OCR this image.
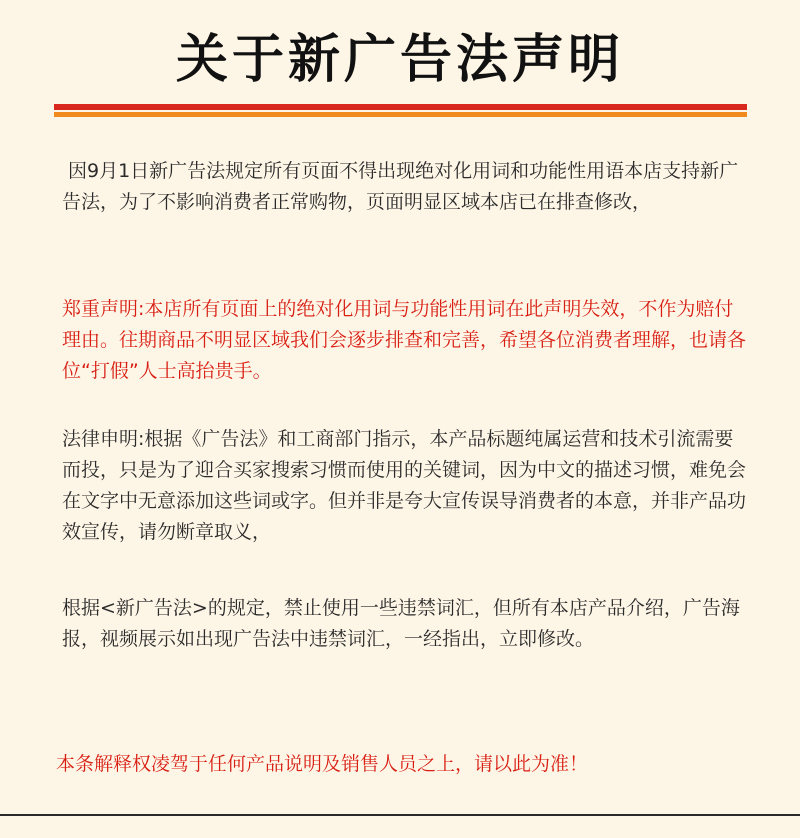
关于新广告法声明

因9月1日新广告法规定所有页面不得出现绝对化用词和功能性用语本店支持新广告法，为了不影响消费者正常购物，页面明显区域本店已在排查修改，

郑重声明:本店所有页面上的绝对化用词与功能性用词在此声明失效，不作为赔付理由。往期商品不明显区域我们会逐步排查和完善，希望各位消费者理解，也请各位“打假”人士高抬贵手。

法律申明:根据《广告法》和工商部门指示，本产品标题纯属运营和技术引流需要而投，只是为了迎合买家搜索习惯而使用的关键词，因为中文的描述习惯，难免会在文字中无意添加这些词或字。但并非是夸大宣传误导消费者的本意，并非产品功效宣传，请勿断章取义，

根据<新广告法>的规定，禁止使用一些违禁词汇，但所有本店产品介绍，广告海报，视频展示如出现广告法中违禁词汇，一经指出，立即修改。

本条解释权凌驾于任何产品说明及销售人员之上，请以此为准！
